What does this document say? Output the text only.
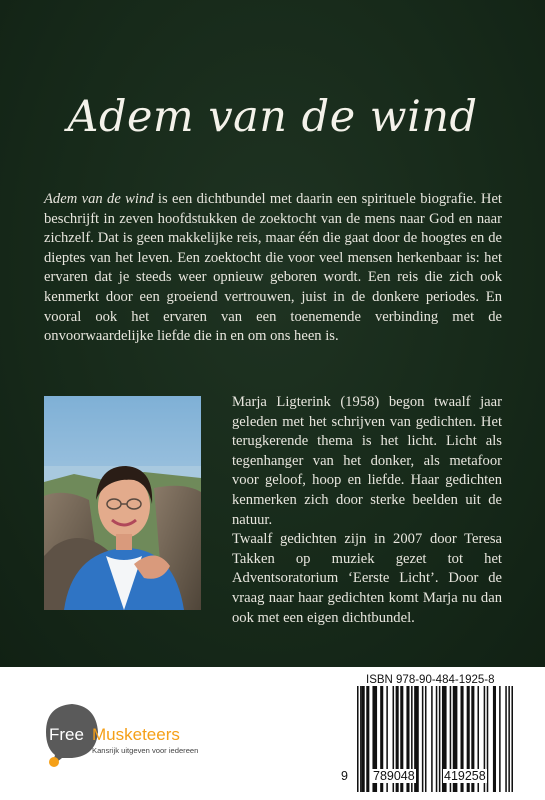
Adem van de wind

Adem van de wind is een dichtbundel met daarin een spirituele biografie. Het beschrijft in zeven hoofdstukken de zoektocht van de mens naar God en naar zichzelf. Dat is geen makkelijke reis, maar één die gaat door de hoogtes en de dieptes van het leven. Een zoektocht die voor veel mensen herkenbaar is: het ervaren dat je steeds weer opnieuw geboren wordt. Een reis die zich ook kenmerkt door een groeiend vertrouwen, juist in de donkere periodes. En vooral ook het ervaren van een toenemende verbinding met de onvoorwaardelijke liefde die in en om ons heen is.

Marja Ligterink (1958) begon twaalf jaar geleden met het schrijven van gedichten. Het terugkerende thema is het licht. Licht als tegenhanger van het donker, als metafoor voor geloof, hoop en liefde. Haar gedichten kenmerken zich door sterke beelden uit de natuur.

Twaalf gedichten zijn in 2007 door Teresa Takken op muziek gezet tot het Adventsoratorium ‘Eerste Licht’. Door de vraag naar haar gedichten komt Marja nu dan ook met een eigen dichtbundel.

Free Musketeers
Kansrijk uitgeven voor iedereen
ISBN 978-90-484-1925-8
9 789048 419258
